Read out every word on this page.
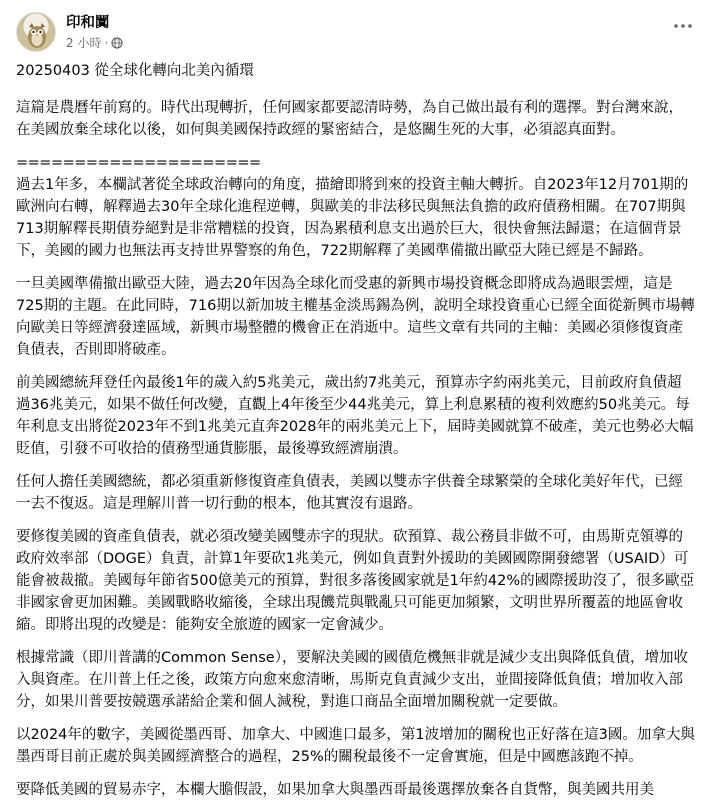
印和闐
2 小時 ·

20250403 從全球化轉向北美內循環

這篇是農曆年前寫的。時代出現轉折，任何國家都要認清時勢，為自己做出最有利的選擇。對台灣來說，在美國放棄全球化以後，如何與美國保持政經的緊密結合，是悠關生死的大事，必須認真面對。

=====================

過去1年多，本欄試著從全球政治轉向的角度，描繪即將到來的投資主軸大轉折。自2023年12月701期的歐洲向右轉，解釋過去30年全球化進程逆轉，與歐美的非法移民與無法負擔的政府債務相關。在707期與713期解釋長期債券絕對是非常糟糕的投資，因為累積利息支出過於巨大，很快會無法歸還；在這個背景下，美國的國力也無法再支持世界警察的角色，722期解釋了美國準備撤出歐亞大陸已經是不歸路。

一旦美國準備撤出歐亞大陸，過去20年因為全球化而受惠的新興市場投資概念即將成為過眼雲煙，這是725期的主題。在此同時，716期以新加坡主權基金淡馬錫為例，說明全球投資重心已經全面從新興市場轉向歐美日等經濟發達區域，新興市場整體的機會正在消逝中。這些文章有共同的主軸：美國必須修復資產負債表，否則即將破產。

前美國總統拜登任內最後1年的歲入約5兆美元，歲出約7兆美元，預算赤字約兩兆美元，目前政府負債超過36兆美元，如果不做任何改變，直觀上4年後至少44兆美元，算上利息累積的複利效應約50兆美元。每年利息支出將從2023年不到1兆美元直奔2028年的兩兆美元上下，屆時美國就算不破產，美元也勢必大幅貶值，引發不可收拾的債務型通貨膨脹，最後導致經濟崩潰。

任何人擔任美國總統，都必須重新修復資產負債表，美國以雙赤字供養全球繁榮的全球化美好年代，已經一去不復返。這是理解川普一切行動的根本，他其實沒有退路。

要修復美國的資產負債表，就必須改變美國雙赤字的現狀。砍預算、裁公務員非做不可，由馬斯克領導的政府效率部（DOGE）負責，計算1年要砍1兆美元，例如負責對外援助的美國國際開發總署（USAID）可能會被裁撤。美國每年節省500億美元的預算，對很多落後國家就是1年約42%的國際援助沒了，很多歐亞非國家會更加困難。美國戰略收縮後，全球出現饑荒與戰亂只可能更加頻繁，文明世界所覆蓋的地區會收縮。即將出現的改變是：能夠安全旅遊的國家一定會減少。

根據常識（即川普講的Common Sense），要解決美國的國債危機無非就是減少支出與降低負債，增加收入與資產。在川普上任之後，政策方向愈來愈清晰，馬斯克負責減少支出，並間接降低負債；增加收入部分，如果川普要按競選承諾給企業和個人減稅，對進口商品全面增加關稅就一定要做。

以2024年的數字，美國從墨西哥、加拿大、中國進口最多，第1波增加的關稅也正好落在這3國。加拿大與墨西哥目前正處於與美國經濟整合的過程，25%的關稅最後不一定會實施，但是中國應該跑不掉。

要降低美國的貿易赤字，本欄大膽假設，如果加拿大與墨西哥最後選擇放棄各自貨幣，與美國共用美
